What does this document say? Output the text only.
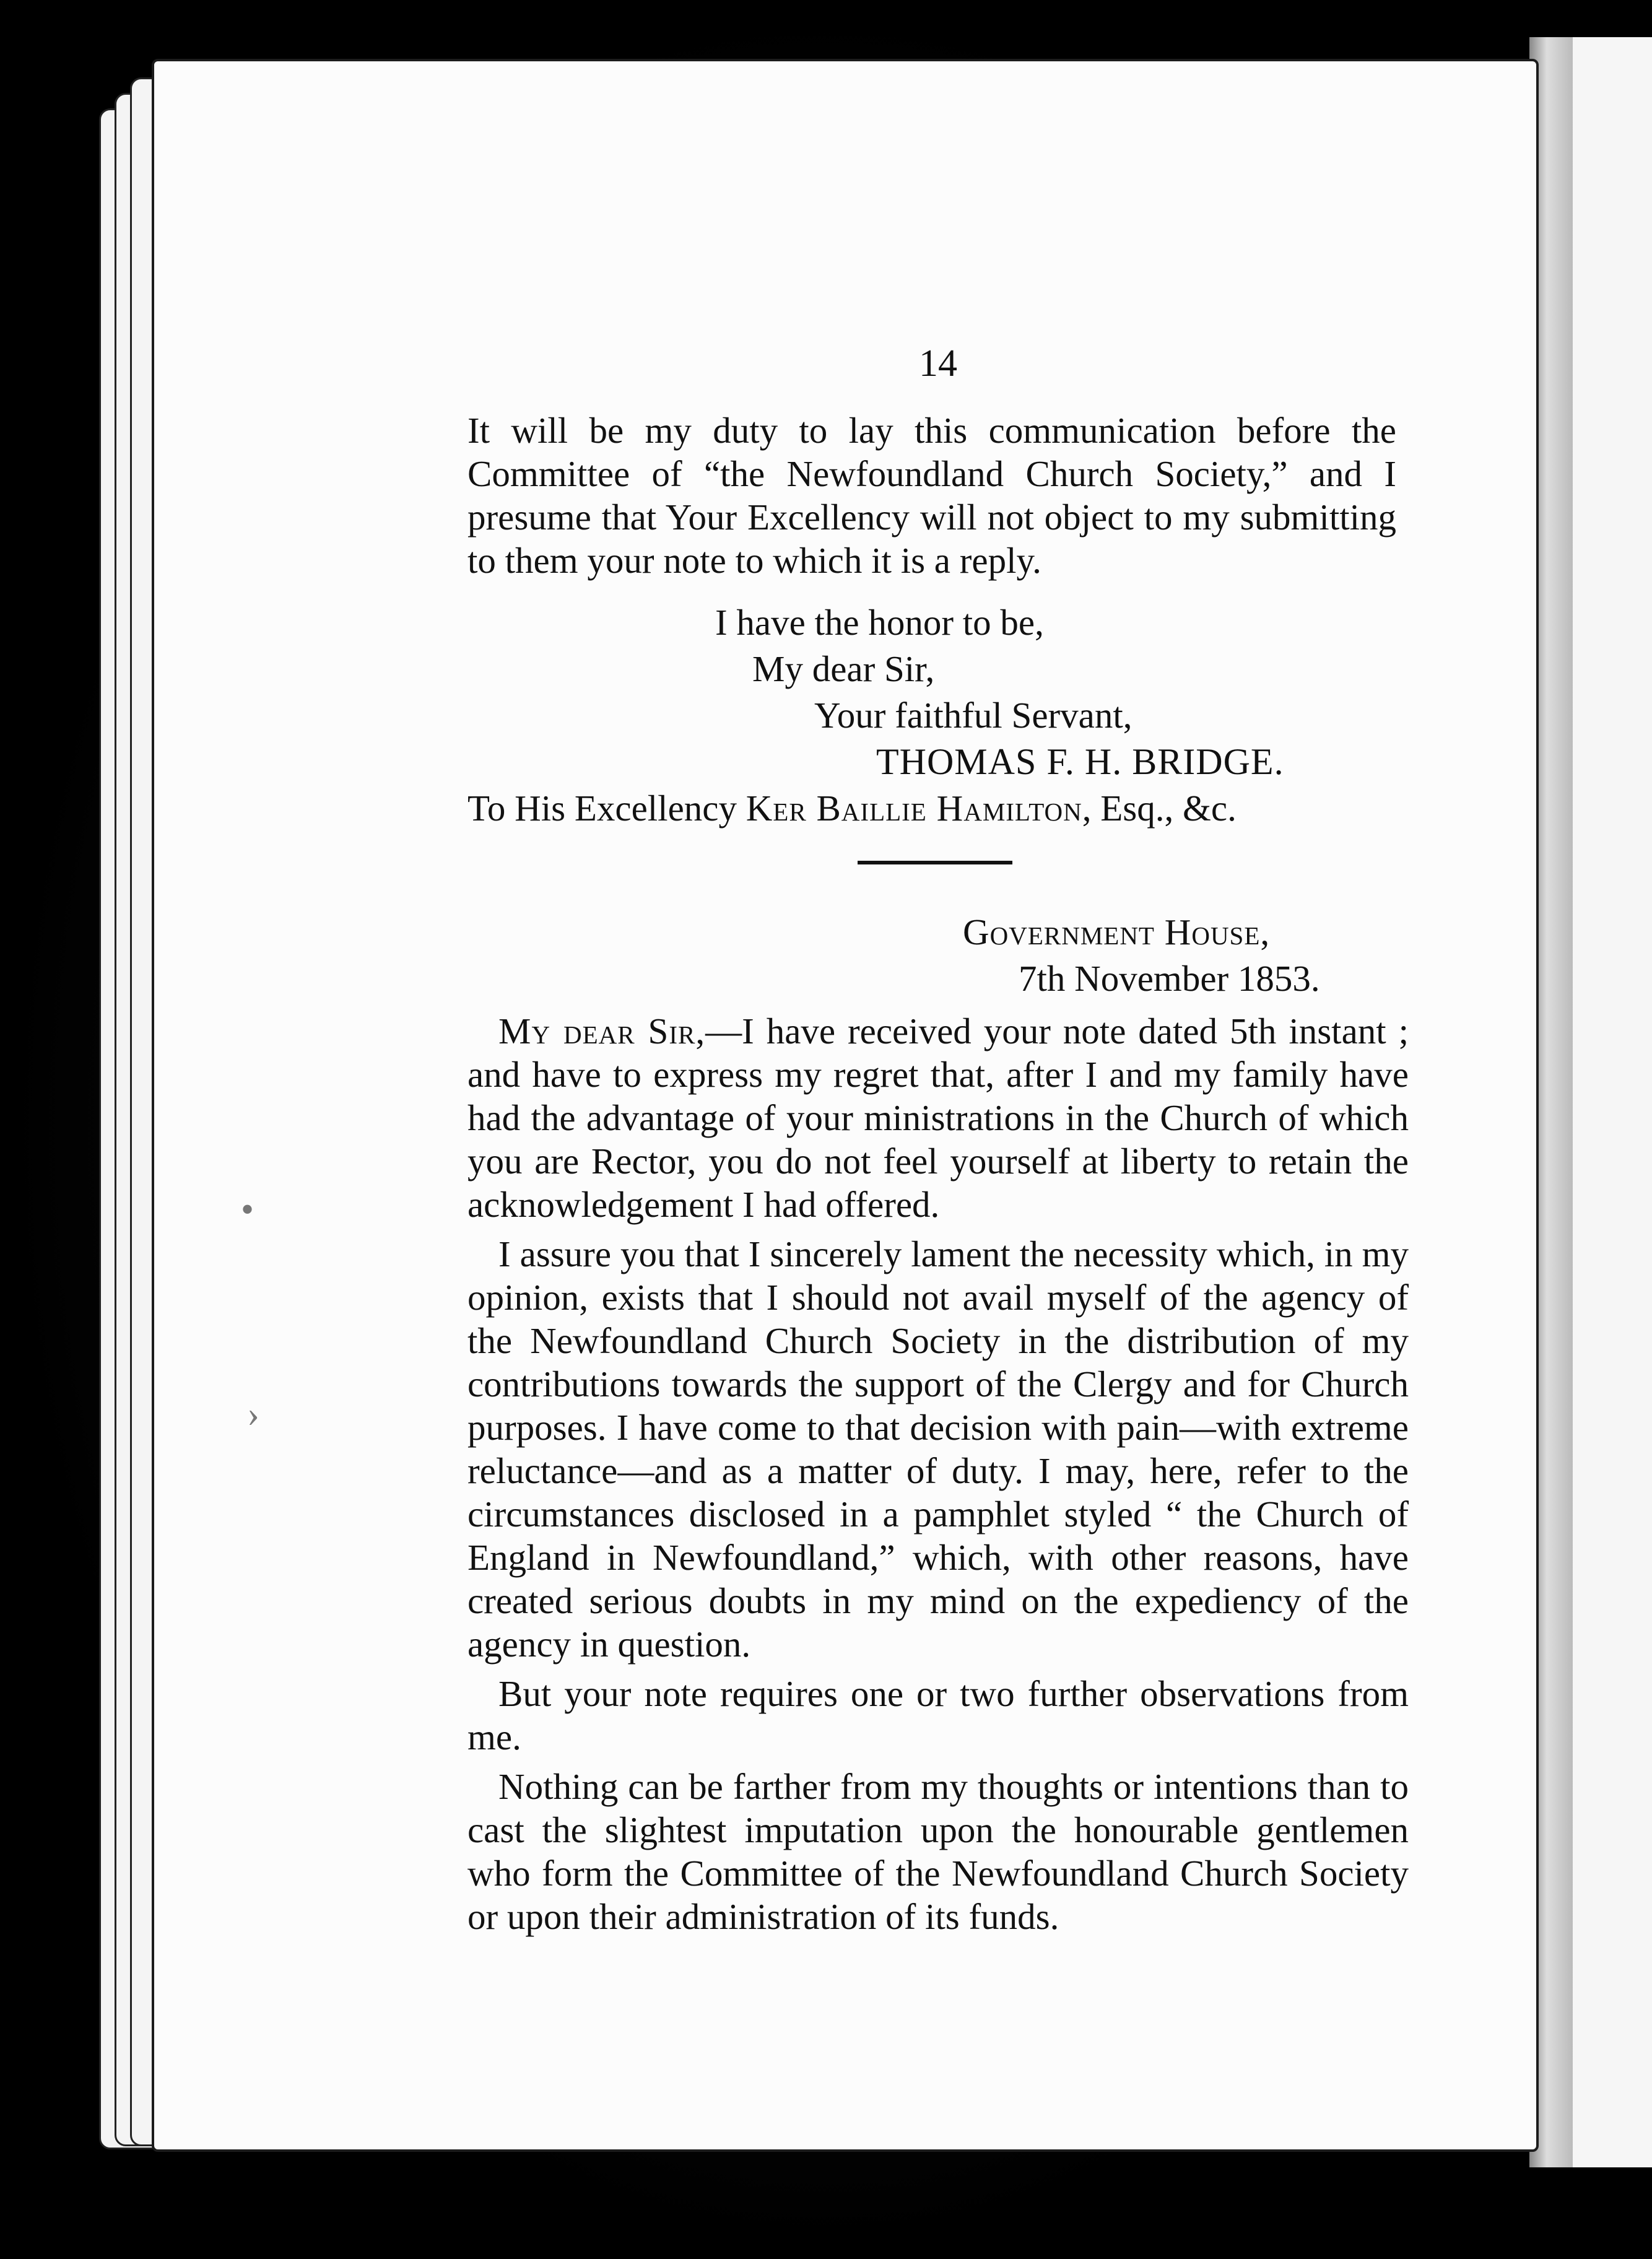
•
›
14

It will be my duty to lay this communication before the Committee of “the Newfoundland Church Society,” and I presume that Your Excellency will not object to my submitting to them your note to which it is a reply.

I have the honor to be,
My dear Sir,
Your faithful Servant,
THOMAS F. H. BRIDGE.
To His Excellency Ker Baillie Hamilton, Esq., &c.
Government House,
7th November 1853.

My dear Sir,—I have received your note dated 5th instant ; and have to express my regret that, after I and my family have had the advantage of your ministrations in the Church of which you are Rector, you do not feel yourself at liberty to retain the acknowledgement I had offered.

I assure you that I sincerely lament the necessity which, in my opinion, exists that I should not avail myself of the agency of the Newfoundland Church Society in the distribution of my contributions towards the support of the Clergy and for Church purposes. I have come to that decision with pain—with extreme reluctance—and as a matter of duty. I may, here, refer to the circumstances disclosed in a pamphlet styled “ the Church of England in Newfoundland,” which, with other reasons, have created serious doubts in my mind on the expediency of the agency in question.

But your note requires one or two further observations from me.

Nothing can be farther from my thoughts or intentions than to cast the slightest imputation upon the honourable gentlemen who form the Committee of the Newfoundland Church Society or upon their administration of its funds.
